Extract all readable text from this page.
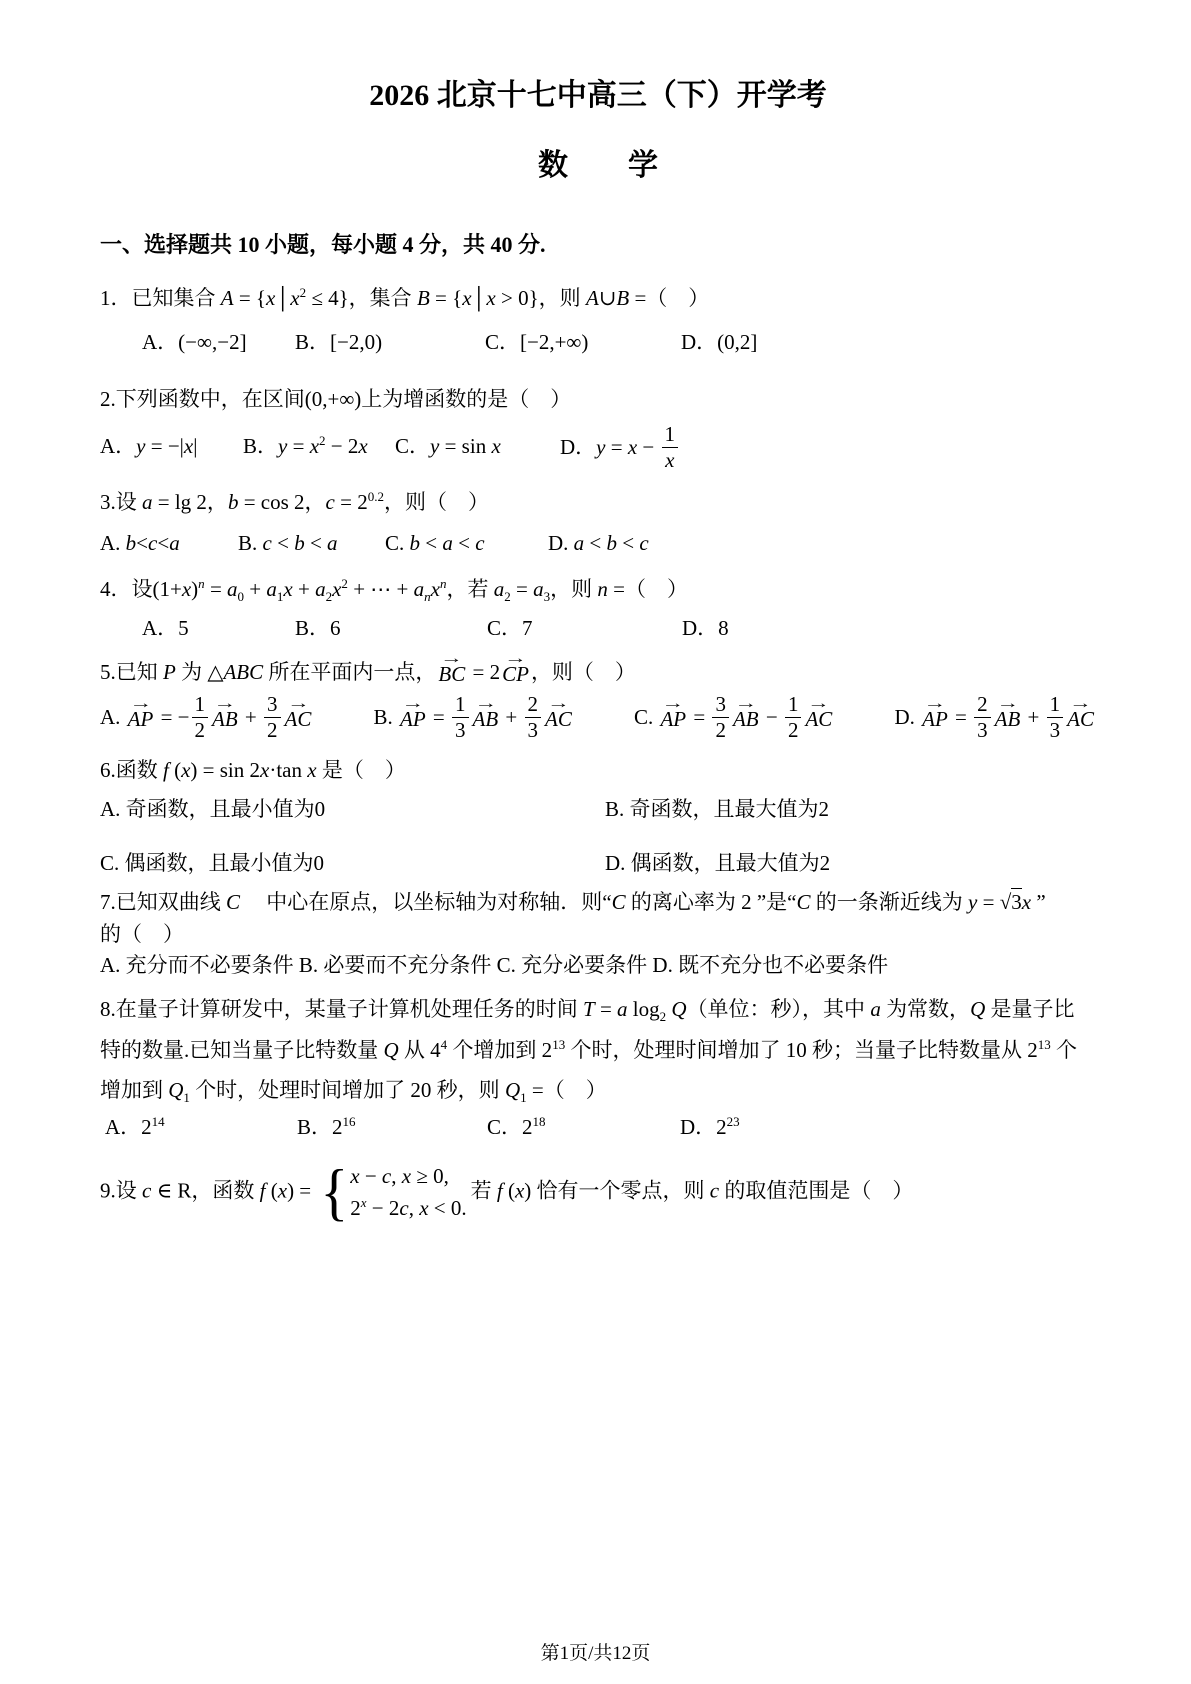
2026 北京十七中高三（下）开学考
数　　学
一、选择题共 10 小题，每小题 4 分，共 40 分.
1．已知集合 $A = \{x│x^2 \le 4\}$，集合 B = {x│x > 0}，则 A∪B =（　）
A．(−∞,−2]	B．[−2,0)	C．[−2,+∞)	D．(0,2]
2.下列函数中，在区间(0,+∞)上为增函数的是（　）
A．y = −|x|	B．$y = x^2 - 2x$	C．y = sin x	D．$y = x - \frac{1}{x}$
3.设 a = lg 2，b = cos 2，$c = 2^{0.2}$，则（　）
A. b<c<a	B. c < b < a	C. b < a < c	D. a < b < c
4．设$(1+x)^n = a_0 + a_1x + a_2x^2$ + ⋯ + $a_nx^n$，若 $a_2 = a_3$，则 n =（　）
A．5	B．6	C．7	D．8
5.已知 P 为 △ABC 所在平面内一点，
→
BC = 2
→
CP ，则（　）
A.
→
AP = − $\frac{1}{2}$ →
AB + $\frac{3}{2}$ →
AC	B.
→
AP = $\frac{1}{3}$ →
AB + $\frac{2}{3}$ →
AC	C.
→
AP = $\frac{3}{2}$ →
AB − $\frac{1}{2}$ →
AC	D.
→
AP = $\frac{2}{3}$ →
AB + $\frac{1}{3}$ →
AC
6.函数 f (x) = sin 2x·tan x 是（　）
A. 奇函数，且最小值为0	B. 奇函数，且最大值为2
C. 偶函数，且最小值为0	D. 偶函数，且最大值为2
7.已知双曲线 C　 中心在原点，以坐标轴为对称轴．则“C 的离心率为 2 ”是“C 的一条渐近线为 y = √3x ”
的（　）
A. 充分而不必要条件 B. 必要而不充分条件 C. 充分必要条件 D. 既不充分也不必要条件
8.在量子计算研发中，某量子计算机处理任务的时间 T = a $\log_2 Q$（单位：秒），其中 a 为常数，Q 是量子比
特的数量.已知当量子比特数量 Q 从 $4^4$ 个增加到 $2^{13}$ 个时，处理时间增加了 10 秒；当量子比特数量从 $2^{13}$ 个
增加到 $Q_1$ 个时，处理时间增加了 20 秒，则 $Q_1$ =（　）
A．$2^{14}$	B．$2^{16}$	C．$2^{18}$	D．$2^{23}$
9.设 c ∈ R，函数 f (x) = { x − c, x ≥ 0,
$2^x - 2c$, x < 0.
若 f (x) 恰有一个零点，则 c 的取值范围是（　）
第1页/共12页
